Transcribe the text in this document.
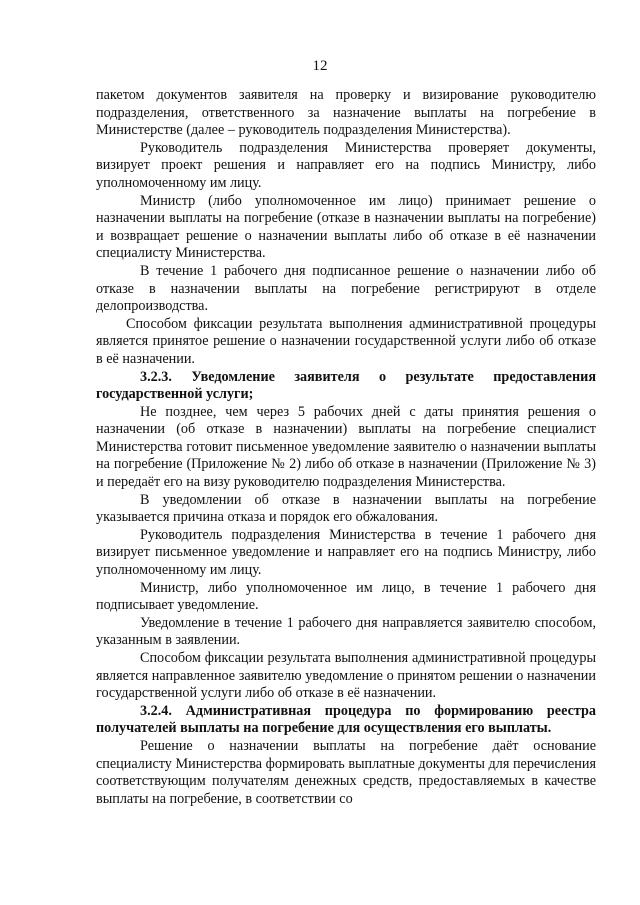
12

пакетом документов заявителя на проверку и визирование руководителю подразделения, ответственного за назначение выплаты на погребение в Министерстве (далее – руководитель подразделения Министерства).

Руководитель подразделения Министерства проверяет документы, визирует проект решения и направляет его на подпись Министру, либо уполномоченному им лицу.

Министр (либо уполномоченное им лицо) принимает решение о назначении выплаты на погребение (отказе в назначении выплаты на погребение) и возвращает решение о назначении выплаты либо об отказе в её назначении специалисту Министерства.

В течение 1 рабочего дня подписанное решение о назначении либо об отказе в назначении выплаты на погребение регистрируют в отделе делопроизводства.

Способом фиксации результата выполнения административной процедуры является принятое решение о назначении государственной услуги либо об отказе в её назначении.

3.2.3. Уведомление заявителя о результате предоставления государственной услуги;

Не позднее, чем через 5 рабочих дней с даты принятия решения о назначении (об отказе в назначении) выплаты на погребение специалист Министерства готовит письменное уведомление заявителю о назначении выплаты на погребение (Приложение № 2) либо об отказе в назначении (Приложение № 3) и передаёт его на визу руководителю подразделения Министерства.

В уведомлении об отказе в назначении выплаты на погребение указывается причина отказа и порядок его обжалования.

Руководитель подразделения Министерства в течение 1 рабочего дня визирует письменное уведомление и направляет его на подпись Министру, либо уполномоченному им лицу.

Министр, либо уполномоченное им лицо, в течение 1 рабочего дня подписывает уведомление.

Уведомление в течение 1 рабочего дня направляется заявителю способом, указанным в заявлении.

Способом фиксации результата выполнения административной процедуры является направленное заявителю уведомление о принятом решении о назначении государственной услуги либо об отказе в её назначении.

3.2.4. Административная процедура по формированию реестра получателей выплаты на погребение для осуществления его выплаты.

Решение о назначении выплаты на погребение даёт основание специалисту Министерства формировать выплатные документы для перечисления соответствующим получателям денежных средств, предоставляемых в качестве выплаты на погребение, в соответствии со
